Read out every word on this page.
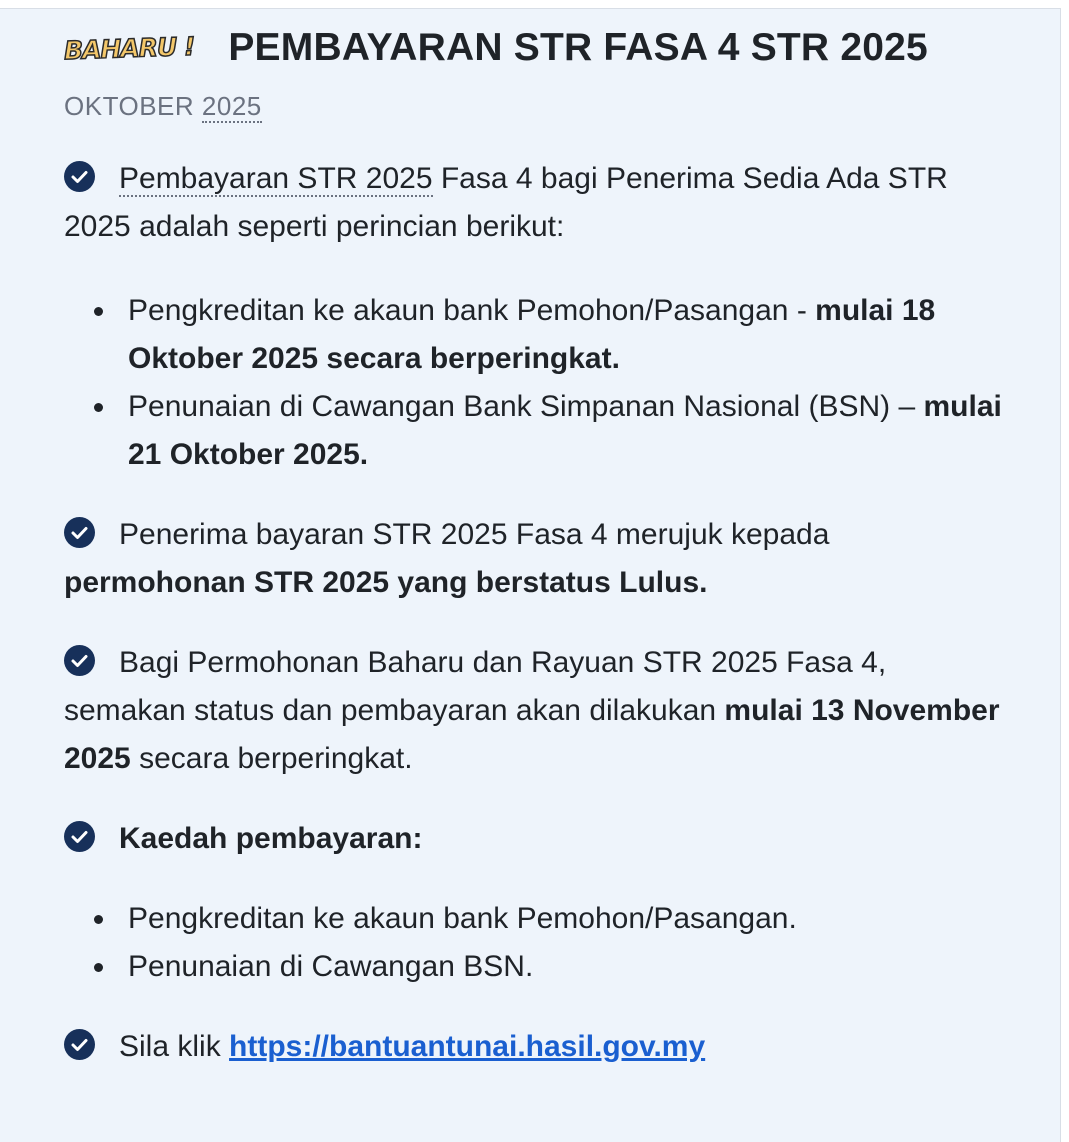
BAHARU ! PEMBAYARAN STR FASA 4 STR 2025
OKTOBER 2025
Pembayaran STR 2025 Fasa 4 bagi Penerima Sedia Ada STR 2025 adalah seperti perincian berikut:
Pengkreditan ke akaun bank Pemohon/Pasangan - mulai 18 Oktober 2025 secara berperingkat.
Penunaian di Cawangan Bank Simpanan Nasional (BSN) – mulai 21 Oktober 2025.
Penerima bayaran STR 2025 Fasa 4 merujuk kepada permohonan STR 2025 yang berstatus Lulus.
Bagi Permohonan Baharu dan Rayuan STR 2025 Fasa 4, semakan status dan pembayaran akan dilakukan mulai 13 November 2025 secara berperingkat.
Kaedah pembayaran:
Pengkreditan ke akaun bank Pemohon/Pasangan.
Penunaian di Cawangan BSN.
Sila klik https://bantuantunai.hasil.gov.my
